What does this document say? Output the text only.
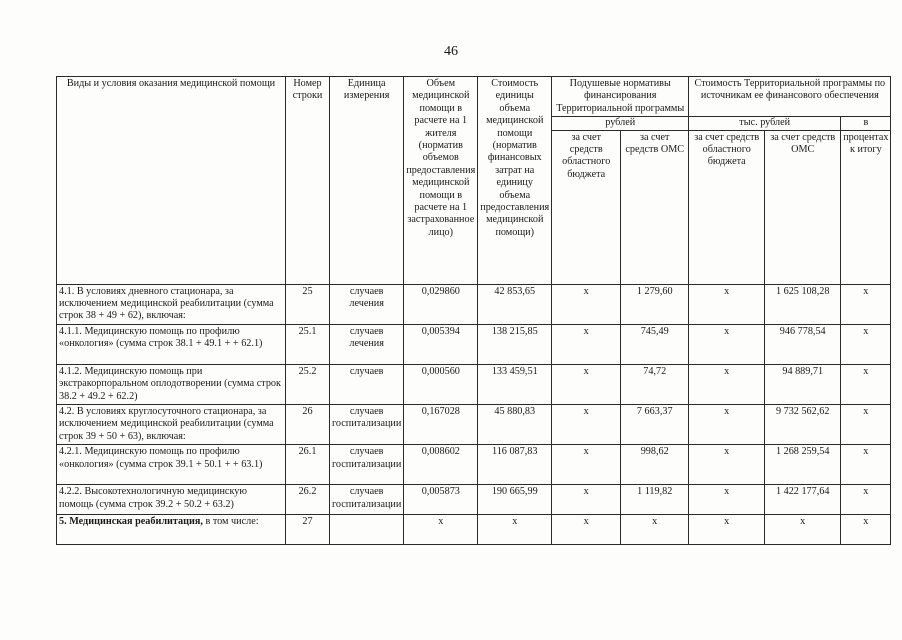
46
Виды и условия оказания медицинской помощи	Номер строки	Единица измерения	Объем медицинской помощи в расчете на 1 жителя (норматив объемов предоставления медицинской помощи в расчете на 1 застрахованное лицо)	Стоимость единицы объема медицинской помощи (норматив финансовых затрат на единицу объема предоставления медицинской помощи)	Подушевые нормативы финансирования Территориальной программы		Стоимость Территориальной программы по источникам ее финансового обеспечения		
					рублей		тыс. рублей		в
					за счет средств областного бюджета	за счет средств ОМС	за счет средств областного бюджета	за счет средств ОМС	процентах к итогу
4.1. В условиях дневного стационара, за исключением медицинской реабилитации (сумма строк 38 + 49 + 62), включая:	25	случаев лечения	0,029860	42 853,65	х	1 279,60	х	1 625 108,28	х
4.1.1. Медицинскую помощь по профилю «онкология» (сумма строк 38.1 + 49.1 + + 62.1)	25.1	случаев лечения	0,005394	138 215,85	х	745,49	х	946 778,54	х
4.1.2. Медицинскую помощь при экстракорпоральном оплодотворении (сумма строк 38.2 + 49.2 + 62.2)	25.2	случаев	0,000560	133 459,51	х	74,72	х	94 889,71	х
4.2. В условиях круглосуточного стационара, за исключением медицинской реабилитации (сумма строк 39 + 50 + 63), включая:	26	случаев госпитализации	0,167028	45 880,83	х	7 663,37	х	9 732 562,62	х
4.2.1. Медицинскую помощь по профилю «онкология» (сумма строк 39.1 + 50.1 + + 63.1)	26.1	случаев госпитализации	0,008602	116 087,83	х	998,62	х	1 268 259,54	х
4.2.2. Высокотехнологичную медицинскую помощь (сумма строк 39.2 + 50.2 + 63.2)	26.2	случаев госпитализации	0,005873	190 665,99	х	1 119,82	х	1 422 177,64	х
5. Медицинская реабилитация, в том числе:	27		х	х	х	х	х	х	х
